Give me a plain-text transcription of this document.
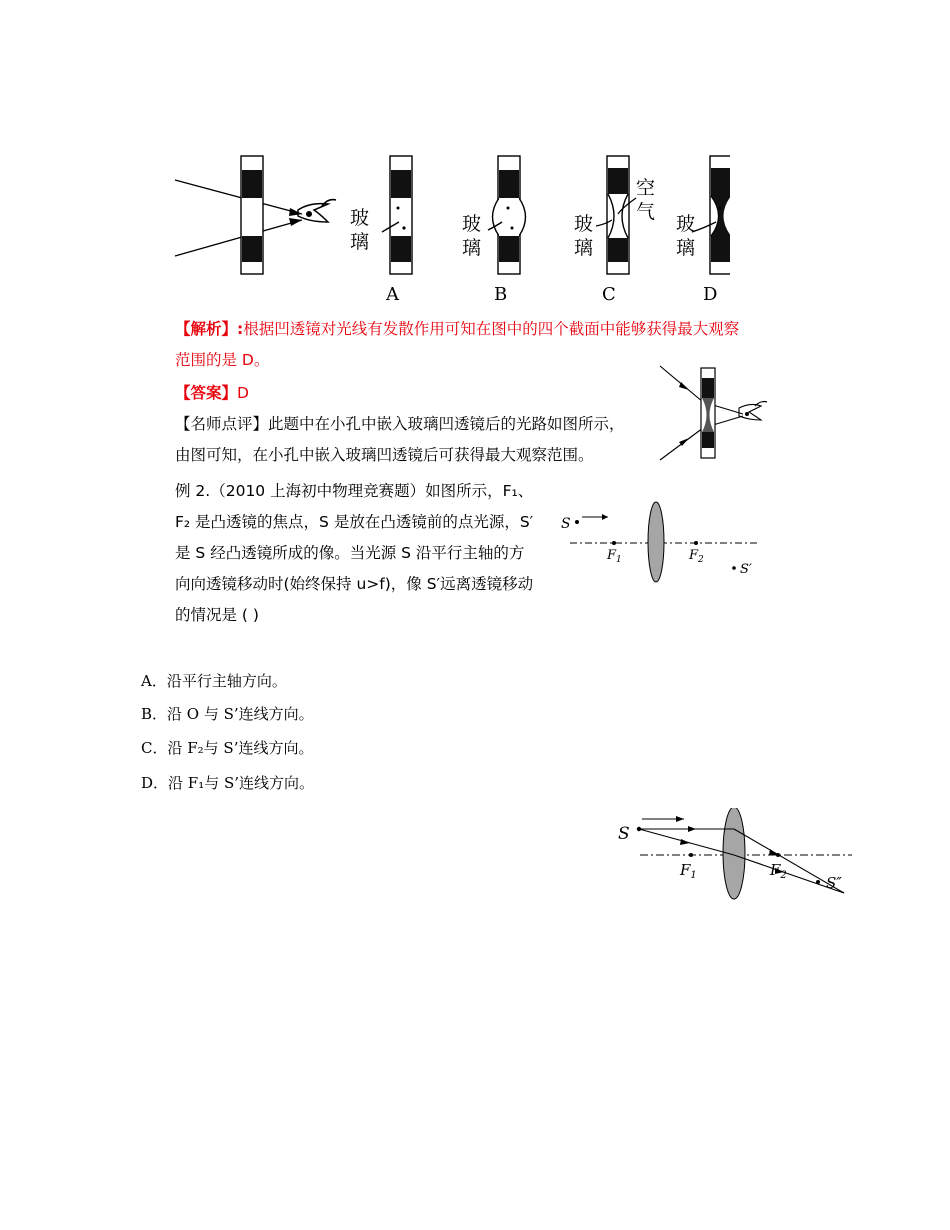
玻璃
玻璃
玻璃
空气
玻璃
A	B	C	D
【解析】:根据凹透镜对光线有发散作用可知在图中的四个截面中能够获得最大观察
范围的是 D。
【答案】D
【名师点评】此题中在小孔中嵌入玻璃凹透镜后的光路如图所示，
由图可知，在小孔中嵌入玻璃凹透镜后可获得最大观察范围。
例 2.（2010 上海初中物理竞赛题）如图所示，F₁、
F₂ 是凸透镜的焦点，S 是放在凸透镜前的点光源，S′
是 S 经凸透镜所成的像。当光源 S 沿平行主轴的方
向向透镜移动时(始终保持 u>f)，像 S′远离透镜移动
的情况是 ( )
S
$F_1$	$F_2$
S′
A．沿平行主轴方向。
B．沿 O 与 S’连线方向。
C．沿 F₂与 S’连线方向。
D．沿 F₁与 S’连线方向。
S
$F_1$	$F_2$	S″
